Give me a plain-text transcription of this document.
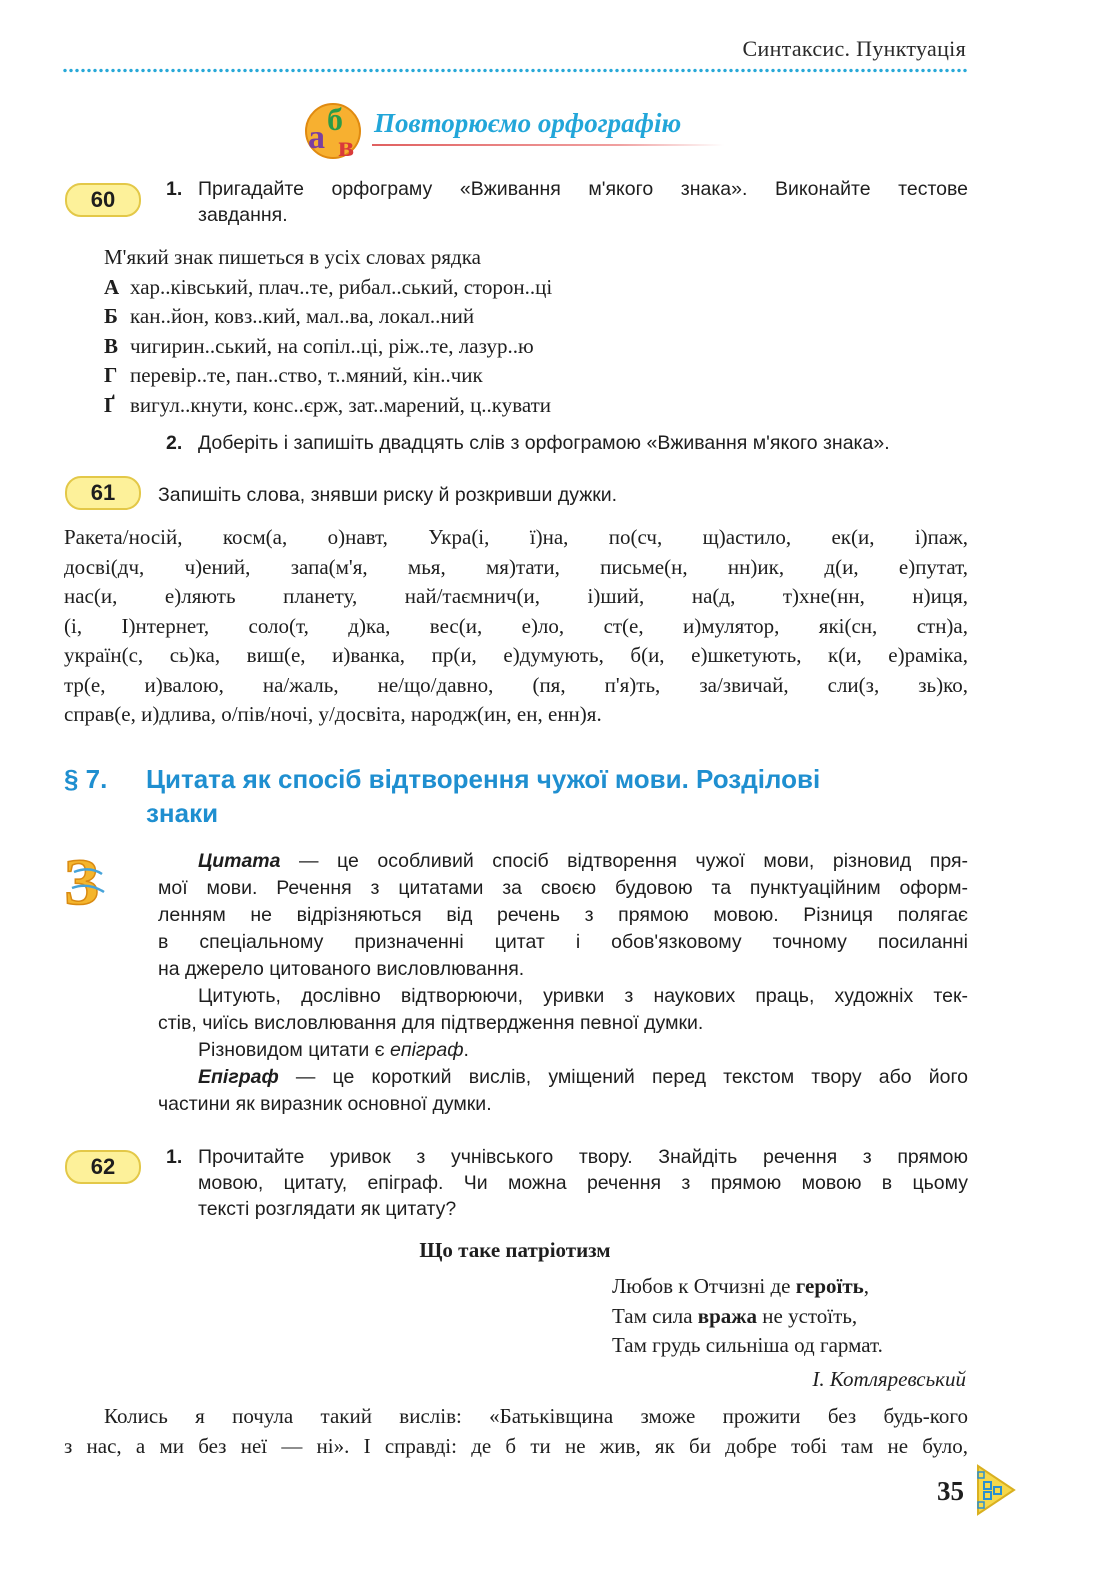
Синтаксис. Пунктуація
а б
в
Повторюємо орфографію
60	1. Пригадайте орфограму «Вживання м'якого знака». Виконайте тестове
завдання.
М'який знак пишеться в усіх словах рядка
А хар..ківський, плач..те, рибал..ський, сторон..ці
Б кан..йон, ковз..кий, мал..ва, локал..ний
В чигирин..ський, на сопіл..ці, ріж..те, лазур..ю
Г перевір..те, пан..ство, т..мяний, кін..чик
Ґ вигул..кнути, конс..єрж, зат..марений, ц..кувати
2. Доберіть і запишіть двадцять слів з орфограмою «Вживання м'якого знака».
61	Запишіть слова, знявши риску й розкривши дужки.
Ракета/носій, косм(а, о)навт, Укра(і, ї)на, по(сч, щ)астило, ек(и, і)паж,
досві(дч, ч)ений, запа(м'я, мья, мя)тати, письме(н, нн)ик, д(и, е)путат,
нас(и, е)ляють планету, най/таємнич(и, і)ший, на(д, т)хне(нн, н)иця,
(і, І)нтернет, соло(т, д)ка, вес(и, е)ло, ст(е, и)мулятор, які(сн, стн)а,
україн(с, сь)ка, виш(е, и)ванка, пр(и, е)думують, б(и, е)шкетують, к(и, е)раміка,
тр(е, и)валою, на/жаль, не/що/давно, (пя, п'я)ть, за/звичай, сли(з, зь)ко,
справ(е, и)длива, о/пів/ночі, у/досвіта, народж(ин, ен, енн)я.
§ 7. Цитата як спосіб відтворення чужої мови. Розділові
знаки
З	Цитата — це особливий спосіб відтворення чужої мови, різновид пря-
мої мови. Речення з цитатами за своєю будовою та пунктуаційним оформ-
ленням не відрізняються від речень з прямою мовою. Різниця полягає
в спеціальному призначенні цитат і обов'язковому точному посиланні
на джерело цитованого висловлювання.
Цитують, дослівно відтворюючи, уривки з наукових праць, художніх тек-
стів, чиїсь висловлювання для підтвердження певної думки.
Різновидом цитати є епіграф.
Епіграф — це короткий вислів, уміщений перед текстом твору або його
частини як виразник основної думки.
62	1. Прочитайте уривок з учнівського твору. Знайдіть речення з прямою
мовою, цитату, епіграф. Чи можна речення з прямою мовою в цьому
тексті розглядати як цитату?
Що таке патріотизм
Любов к Отчизні де героїть,
Там сила вража не устоїть,
Там грудь сильніша од гармат.
І. Котляревський
Колись я почула такий вислів: «Батьківщина зможе прожити без будь-кого
з нас, а ми без неї — ні». І справді: де б ти не жив, як би добре тобі там не було,
35
